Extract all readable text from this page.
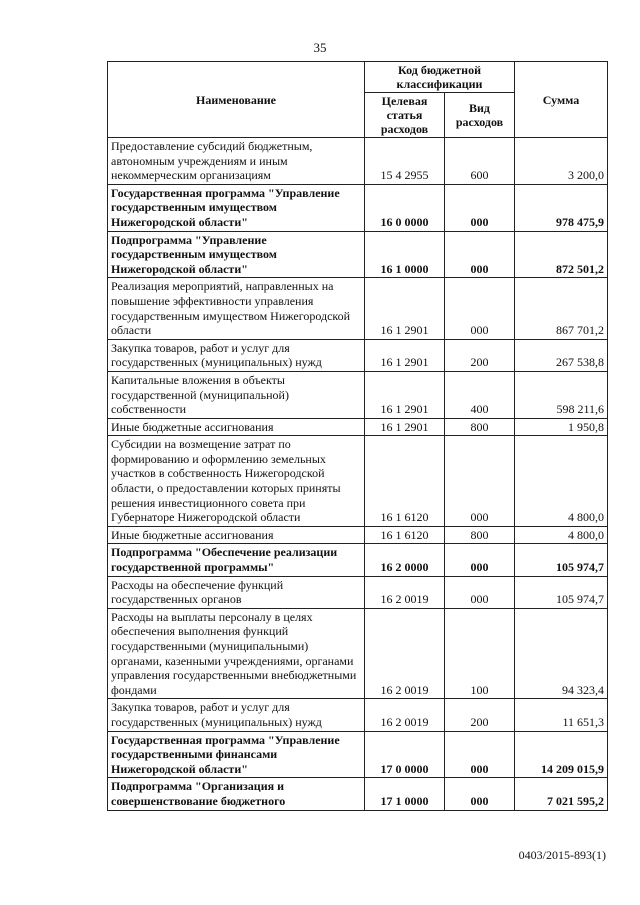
35
Наименование	Код бюджетной классификации		Сумма
	Целевая статья расходов	Вид расходов	
Предоставление субсидий бюджетным, автономным учреждениям и иным некоммерческим организациям	15 4 2955	600	3 200,0
Государственная программа "Управление государственным имуществом Нижегородской области"	16 0 0000	000	978 475,9
Подпрограмма "Управление государственным имуществом Нижегородской области"	16 1 0000	000	872 501,2
Реализация мероприятий, направленных на повышение эффективности управления государственным имуществом Нижегородской области	16 1 2901	000	867 701,2
Закупка товаров, работ и услуг для государственных (муниципальных) нужд	16 1 2901	200	267 538,8
Капитальные вложения в объекты государственной (муниципальной) собственности	16 1 2901	400	598 211,6
Иные бюджетные ассигнования	16 1 2901	800	1 950,8
Субсидии на возмещение затрат по формированию и оформлению земельных участков в собственность Нижегородской области, о предоставлении которых приняты решения инвестиционного совета при Губернаторе Нижегородской области	16 1 6120	000	4 800,0
Иные бюджетные ассигнования	16 1 6120	800	4 800,0
Подпрограмма "Обеспечение реализации государственной программы"	16 2 0000	000	105 974,7
Расходы на обеспечение функций государственных органов	16 2 0019	000	105 974,7
Расходы на выплаты персоналу в целях обеспечения выполнения функций государственными (муниципальными) органами, казенными учреждениями, органами управления государственными внебюджетными фондами	16 2 0019	100	94 323,4
Закупка товаров, работ и услуг для государственных (муниципальных) нужд	16 2 0019	200	11 651,3
Государственная программа "Управление государственными финансами Нижегородской области"	17 0 0000	000	14 209 015,9
Подпрограмма "Организация и совершенствование бюджетного	17 1 0000	000	7 021 595,2
0403/2015-893(1)
